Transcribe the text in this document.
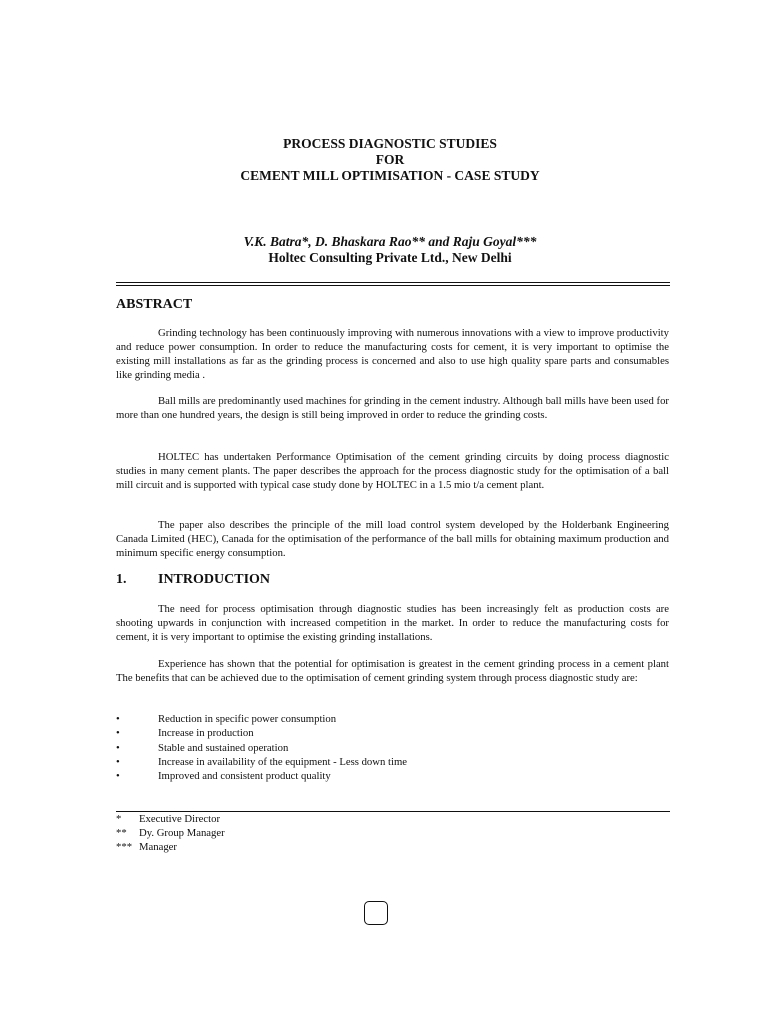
PROCESS DIAGNOSTIC STUDIES
FOR
CEMENT MILL OPTIMISATION - CASE STUDY
V.K. Batra*, D. Bhaskara Rao** and Raju Goyal***
Holtec Consulting Private Ltd., New Delhi
ABSTRACT
Grinding technology has been continuously improving with numerous innovations with a view to improve productivity and reduce power consumption. In order to reduce the manufacturing costs for cement, it is very important to optimise the existing mill installations as far as the grinding process is concerned and also to use high quality spare parts and consumables like grinding media .
Ball mills are predominantly used machines for grinding in the cement industry. Although ball mills have been used for more than one hundred years, the design is still being improved in order to reduce the grinding costs.
HOLTEC has undertaken Performance Optimisation of the cement grinding circuits by doing process diagnostic studies in many cement plants. The paper describes the approach for the process diagnostic study for the optimisation of a ball mill circuit and is supported with typical case study done by HOLTEC in a 1.5 mio t/a cement plant.
The paper also describes the principle of the mill load control system developed by the Holderbank Engineering Canada Limited (HEC), Canada for the optimisation of the performance of the ball mills for obtaining maximum production and minimum specific energy consumption.
1. INTRODUCTION
The need for process optimisation through diagnostic studies has been increasingly felt as production costs are shooting upwards in conjunction with increased competition in the market. In order to reduce the manufacturing costs for cement, it is very important to optimise the existing grinding installations.
Experience has shown that the potential for optimisation is greatest in the cement grinding process in a cement plant The benefits that can be achieved due to the optimisation of cement grinding system through process diagnostic study are:
•	Reduction in specific power consumption
•	Increase in production
•	Stable and sustained operation
•	Increase in availability of the equipment - Less down time
•	Improved and consistent product quality
*	Executive Director
**	Dy. Group Manager
*** Manager
